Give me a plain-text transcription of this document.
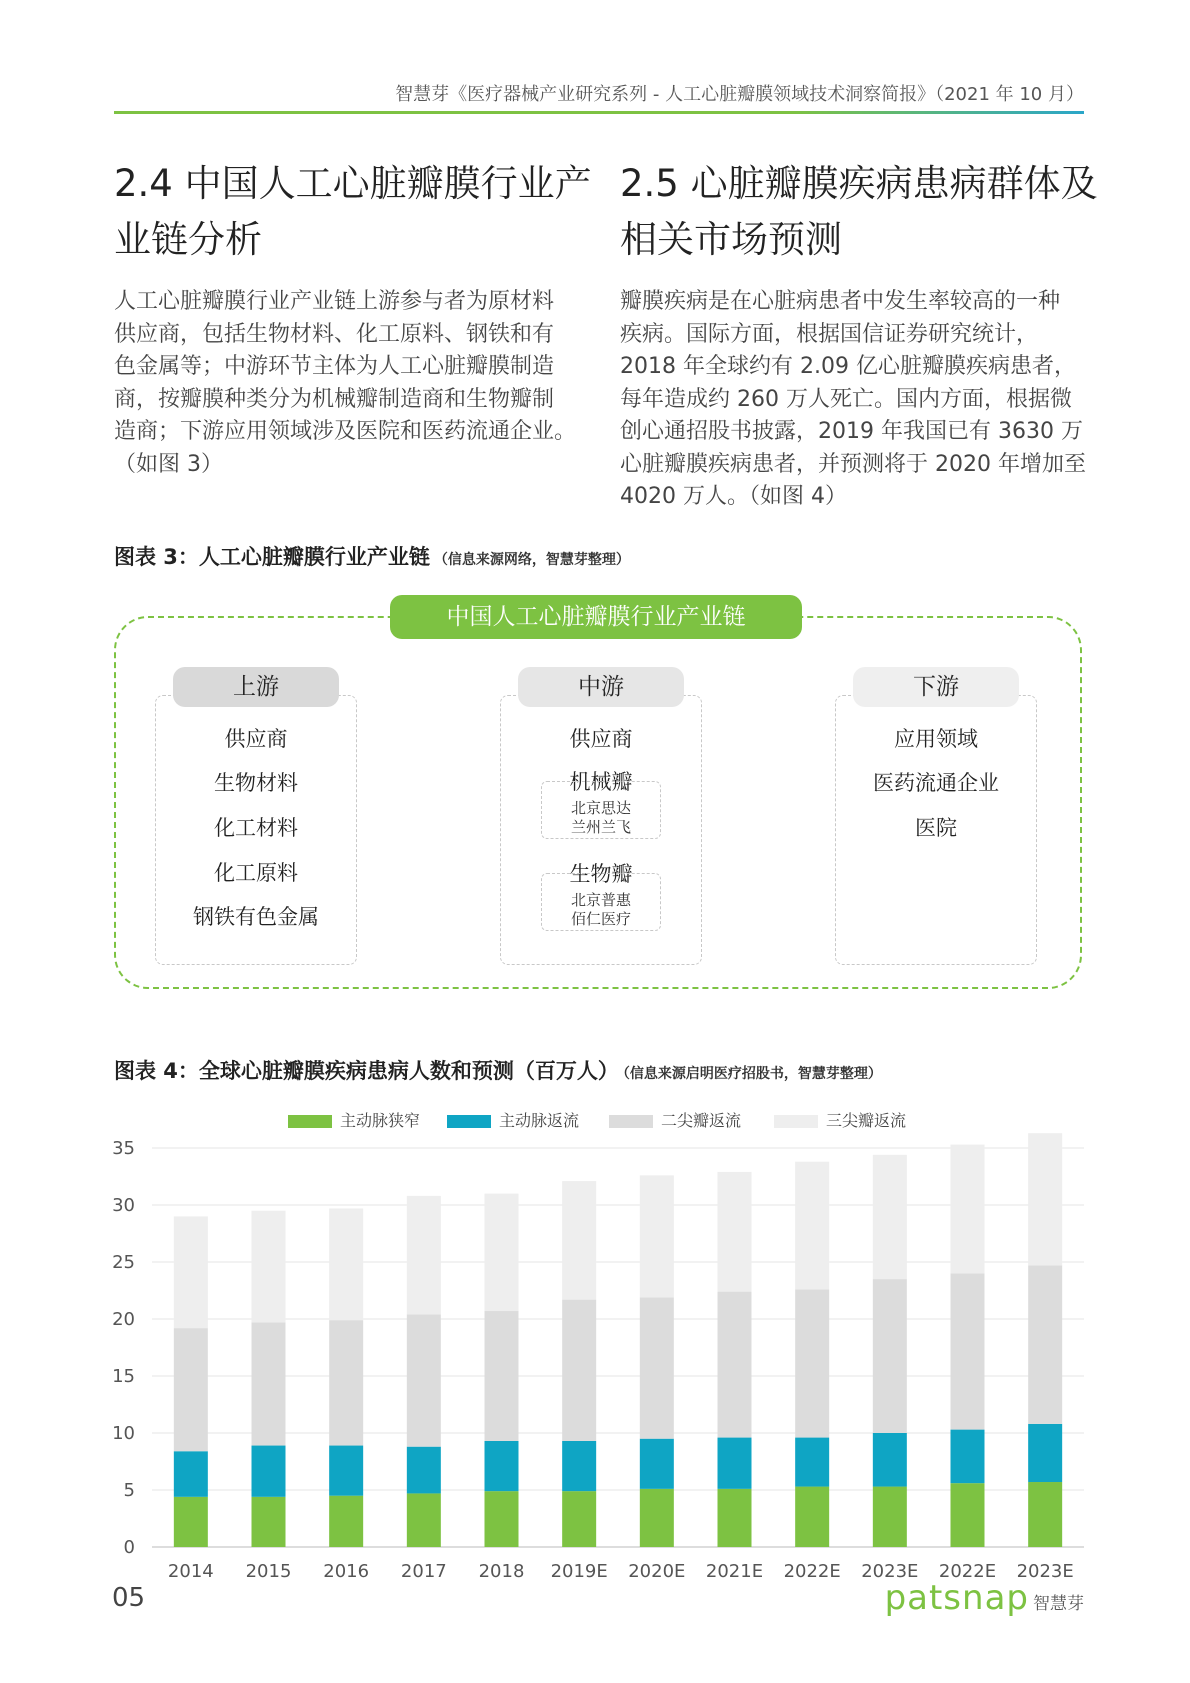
智慧芽《医疗器械产业研究系列 - 人工心脏瓣膜领域技术洞察简报》（2021 年 10 月）
2.4 中国人工心脏瓣膜行业产
业链分析
人工心脏瓣膜行业产业链上游参与者为原材料
供应商，包括生物材料、化工原料、钢铁和有
色金属等；中游环节主体为人工心脏瓣膜制造
商，按瓣膜种类分为机械瓣制造商和生物瓣制
造商；下游应用领域涉及医院和医药流通企业。
（如图 3）
2.5 心脏瓣膜疾病患病群体及
相关市场预测
瓣膜疾病是在心脏病患者中发生率较高的一种
疾病。国际方面，根据国信证券研究统计，
2018 年全球约有 2.09 亿心脏瓣膜疾病患者，
每年造成约 260 万人死亡。国内方面，根据微
创心通招股书披露，2019 年我国已有 3630 万
心脏瓣膜疾病患者，并预测将于 2020 年增加至
4020 万人。（如图 4）
图表 3：人工心脏瓣膜行业产业链 （信息来源网络，智慧芽整理）
中国人工心脏瓣膜行业产业链
上游
供应商
生物材料
化工材料
化工原料
钢铁有色金属
中游
供应商
机械瓣
北京思达
兰州兰飞
生物瓣
北京普惠
佰仁医疗
下游
应用领域
医药流通企业
医院
图表 4：全球心脏瓣膜疾病患病人数和预测（百万人） （信息来源启明医疗招股书，智慧芽整理）
主动脉狭窄	主动脉返流	二尖瓣返流	三尖瓣返流
0
5
10
15
20
25
30
35
2014 2015 2016 2017 2018 2019E 2020E 2021E 2022E 2023E 2022E 2023E
05	patsnap 智慧芽
